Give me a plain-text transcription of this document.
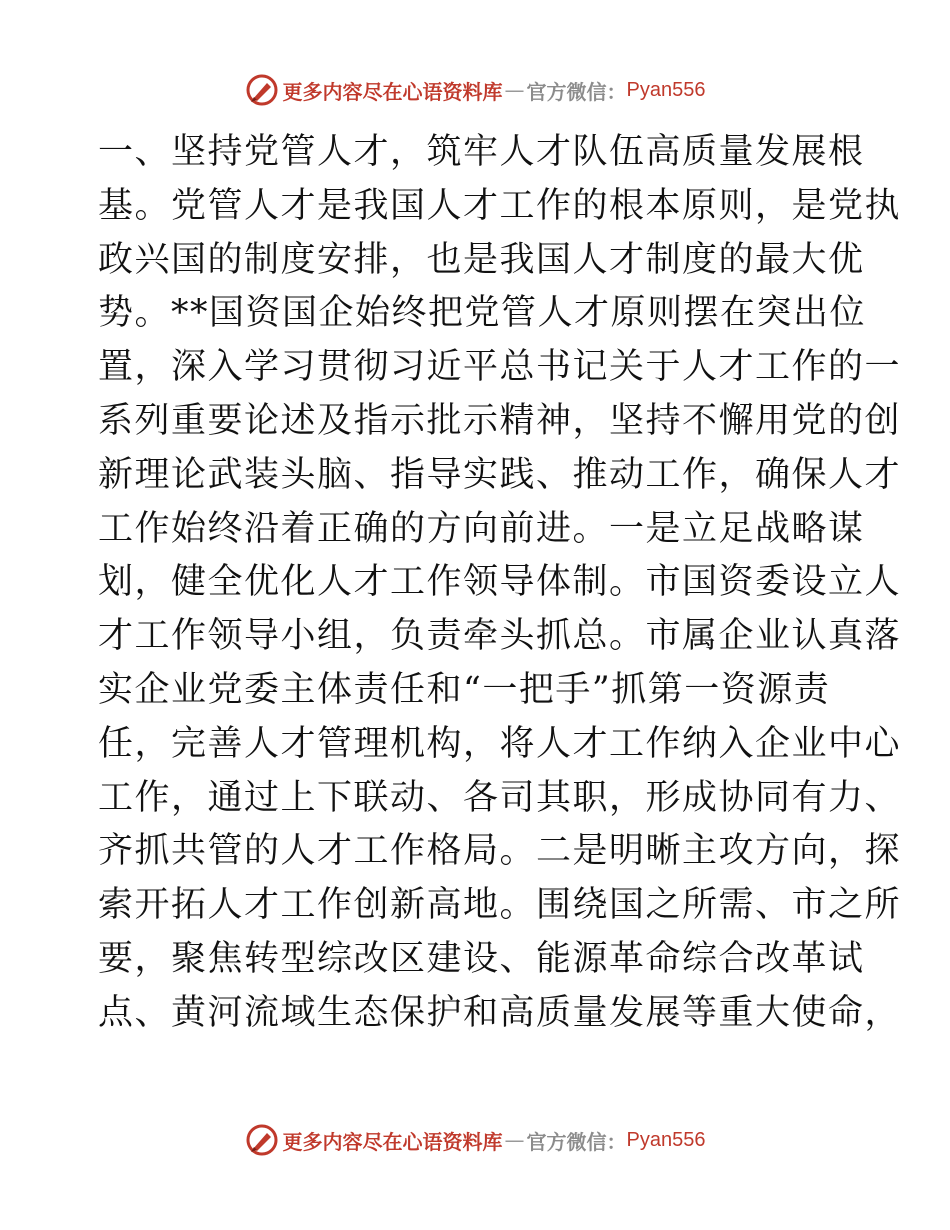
更多内容尽在心语资料库 — 官方微信： Pyan556

一、坚持党管人才，筑牢人才队伍高质量发展根

基。党管人才是我国人才工作的根本原则，是党执

政兴国的制度安排，也是我国人才制度的最大优

势。**国资国企始终把党管人才原则摆在突出位

置，深入学习贯彻习近平总书记关于人才工作的一

系列重要论述及指示批示精神，坚持不懈用党的创

新理论武装头脑、指导实践、推动工作，确保人才

工作始终沿着正确的方向前进。一是立足战略谋

划，健全优化人才工作领导体制。市国资委设立人

才工作领导小组，负责牵头抓总。市属企业认真落

实企业党委主体责任和“一把手”抓第一资源责

任，完善人才管理机构，将人才工作纳入企业中心

工作，通过上下联动、各司其职，形成协同有力、

齐抓共管的人才工作格局。二是明晰主攻方向，探

索开拓人才工作创新高地。围绕国之所需、市之所

要，聚焦转型综改区建设、能源革命综合改革试

点、黄河流域生态保护和高质量发展等重大使命，

更多内容尽在心语资料库 — 官方微信： Pyan556
